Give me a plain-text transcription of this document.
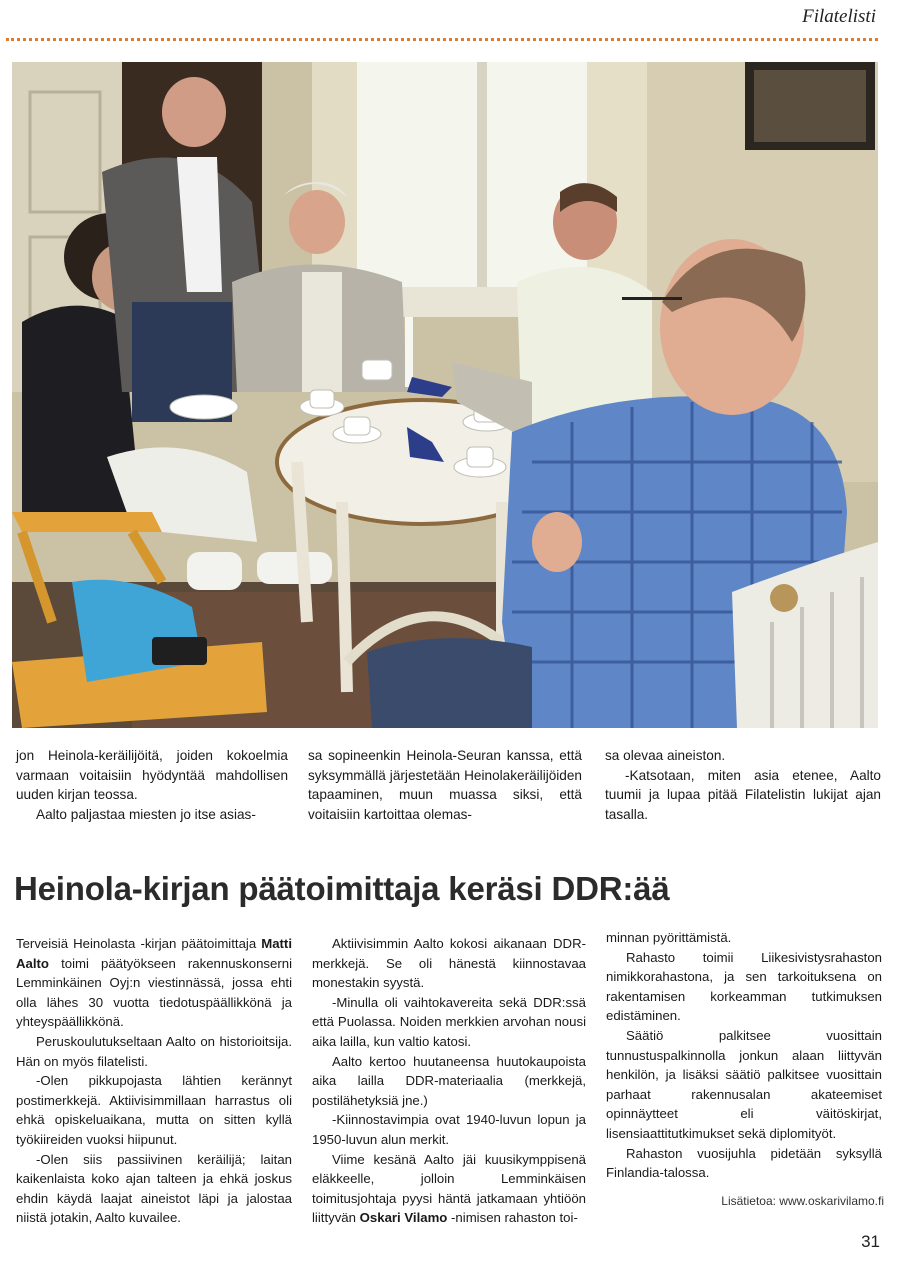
Filatelisti

jon Heinola-keräilijöitä, joiden kokoelmia varmaan voitaisiin hyödyntää mahdollisen uuden kirjan teossa.

Aalto paljastaa miesten jo itse asias-

sa sopineenkin Heinola-Seuran kanssa, että syksymmällä järjestetään Heinolakeräilijöiden tapaaminen, muun muassa siksi, että voitaisiin kartoittaa olemas-

sa olevaa aineiston.

-Katsotaan, miten asia etenee, Aalto tuumii ja lupaa pitää Filatelistin lukijat ajan tasalla.

Heinola-kirjan päätoimittaja keräsi DDR:ää

Terveisiä Heinolasta -kirjan päätoimittaja Matti Aalto toimi päätyökseen rakennuskonserni Lemminkäinen Oyj:n viestinnässä, jossa ehti olla lähes 30 vuotta tiedotuspäällikkönä ja yhteyspäällikkönä.

Peruskoulutukseltaan Aalto on historioitsija. Hän on myös filatelisti.

-Olen pikkupojasta lähtien kerännyt postimerkkejä. Aktiivisimmillaan harrastus oli ehkä opiskeluaikana, mutta on sitten kyllä työkiireiden vuoksi hiipunut.

-Olen siis passiivinen keräilijä; laitan kaikenlaista koko ajan talteen ja ehkä joskus ehdin käydä laajat aineistot läpi ja jalostaa niistä jotakin, Aalto kuvailee.

Aktiivisimmin Aalto kokosi aikanaan DDR-merkkejä. Se oli hänestä kiinnostavaa monestakin syystä.

-Minulla oli vaihtokavereita sekä DDR:ssä että Puolassa. Noiden merkkien arvohan nousi aika lailla, kun valtio katosi.

Aalto kertoo huutaneensa huutokaupoista aika lailla DDR-materiaalia (merkkejä, postilähetyksiä jne.)

-Kiinnostavimpia ovat 1940-luvun lopun ja 1950-luvun alun merkit.

Viime kesänä Aalto jäi kuusikymppisenä eläkkeelle, jolloin Lemminkäisen toimitusjohtaja pyysi häntä jatkamaan yhtiöön liittyvän Oskari Vilamo -nimisen rahaston toi-

minnan pyörittämistä.

Rahasto toimii Liikesivistysrahaston nimikkorahastona, ja sen tarkoituksena on rakentamisen korkeamman tutkimuksen edistäminen.

Säätiö palkitsee vuosittain tunnustuspalkinnolla jonkun alaan liittyvän henkilön, ja lisäksi säätiö palkitsee vuosittain parhaat rakennusalan akateemiset opinnäytteet eli väitöskirjat, lisensiaattitutkimukset sekä diplomityöt.

Rahaston vuosijuhla pidetään syksyllä Finlandia-talossa.

Lisätietoa: www.oskarivilamo.fi
31
